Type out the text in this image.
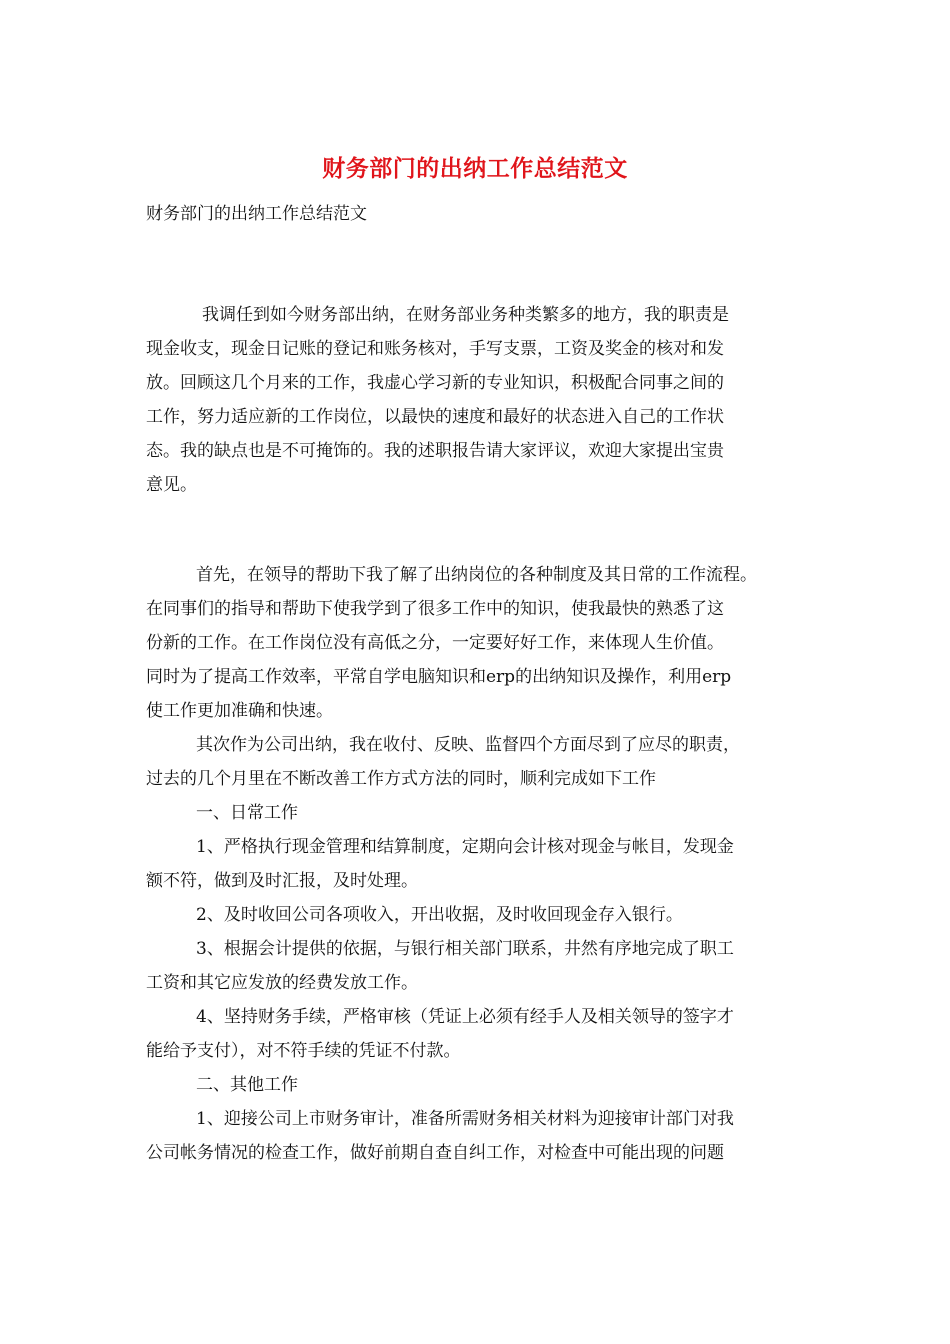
财务部门的出纳工作总结范文
财务部门的出纳工作总结范文
我调任到如今财务部出纳，在财务部业务种类繁多的地方，我的职责是
现金收支，现金日记账的登记和账务核对，手写支票，工资及奖金的核对和发
放。回顾这几个月来的工作，我虚心学习新的专业知识，积极配合同事之间的
工作，努力适应新的工作岗位，以最快的速度和最好的状态进入自己的工作状
态。我的缺点也是不可掩饰的。我的述职报告请大家评议，欢迎大家提出宝贵
意见。
首先，在领导的帮助下我了解了出纳岗位的各种制度及其日常的工作流程。
在同事们的指导和帮助下使我学到了很多工作中的知识，使我最快的熟悉了这
份新的工作。在工作岗位没有高低之分，一定要好好工作，来体现人生价值。
同时为了提高工作效率，平常自学电脑知识和erp的出纳知识及操作，利用erp
使工作更加准确和快速。
其次作为公司出纳，我在收付、反映、监督四个方面尽到了应尽的职责，
过去的几个月里在不断改善工作方式方法的同时，顺利完成如下工作
一、日常工作
1、严格执行现金管理和结算制度，定期向会计核对现金与帐目，发现金
额不符，做到及时汇报，及时处理。
2、及时收回公司各项收入，开出收据，及时收回现金存入银行。
3、根据会计提供的依据，与银行相关部门联系，井然有序地完成了职工
工资和其它应发放的经费发放工作。
4、坚持财务手续，严格审核（凭证上必须有经手人及相关领导的签字才
能给予支付），对不符手续的凭证不付款。
二、其他工作
1、迎接公司上市财务审计，准备所需财务相关材料为迎接审计部门对我
公司帐务情况的检查工作，做好前期自查自纠工作，对检查中可能出现的问题
